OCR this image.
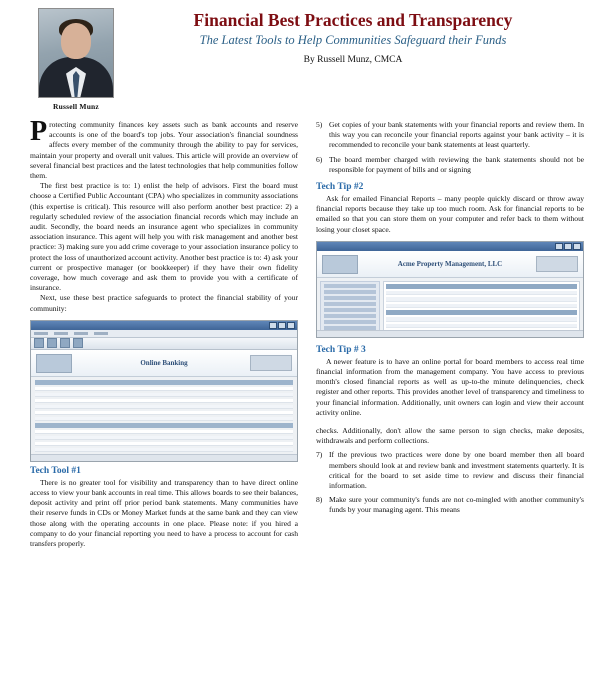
Russell Munz
Financial Best Practices and Transparency
The Latest Tools to Help Communities Safeguard their Funds
By Russell Munz, CMCA

Protecting community finances key assets such as bank accounts and reserve accounts is one of the board's top jobs. Your association's financial soundness affects every member of the community through the ability to pay for services, maintain your property and overall unit values. This article will provide an overview of several financial best practices and the latest technologies that help communities follow them.

The first best practice is to: 1) enlist the help of advisors. First the board must choose a Certified Public Accountant (CPA) who specializes in community associations (this expertise is critical). This resource will also perform another best practice: 2) a regularly scheduled review of the association financial records which may include an audit. Secondly, the board needs an insurance agent who specializes in community association insurance. This agent will help you with risk management and another best practice: 3) making sure you add crime coverage to your association insurance policy to protect the loss of unauthorized account activity. Another best practice is to: 4) ask your current or prospective manager (or bookkeeper) if they have their own fidelity coverage, how much coverage and ask them to provide you with a certificate of insurance.

Next, use these best practice safeguards to protect the financial stability of your community:

Online Banking
Tech Tool #1

There is no greater tool for visibility and transparency than to have direct online access to view your bank accounts in real time. This allows boards to see their balances, deposit activity and print off prior period bank statements. Many communities have their reserve funds in CDs or Money Market funds at the same bank and they can view those along with the operating accounts in one place. Please note: if you hired a company to do your financial reporting you need to have a process to account for cash transfers properly.

5) Get copies of your bank statements with your financial reports and review them. In this way you can reconcile your financial reports against your bank activity – it is recommended to reconcile your bank statements at least quarterly.
6) The board member charged with reviewing the bank statements should not be responsible for payment of bills and or signing
Tech Tip #2

Ask for emailed Financial Reports – many people quickly discard or throw away financial reports because they take up too much room. Ask for financial reports to be emailed so that you can store them on your computer and refer back to them without losing your closet space.

Acme Property Management, LLC
Tech Tip # 3

A newer feature is to have an online portal for board members to access real time financial information from the management company. You have access to previous month's closed financial reports as well as up-to-the minute delinquencies, check register and other reports. This provides another level of transparency and timeliness to your financial information. Additionally, unit owners can login and view their account activity online.

checks. Additionally, don't allow the same person to sign checks, make deposits, withdrawals and perform collections.

7) If the previous two practices were done by one board member then all board members should look at and review bank and investment statements quarterly. It is critical for the board to set aside time to review and discuss their financial information.
8) Make sure your community's funds are not co-mingled with another community's funds by your managing agent. This means
